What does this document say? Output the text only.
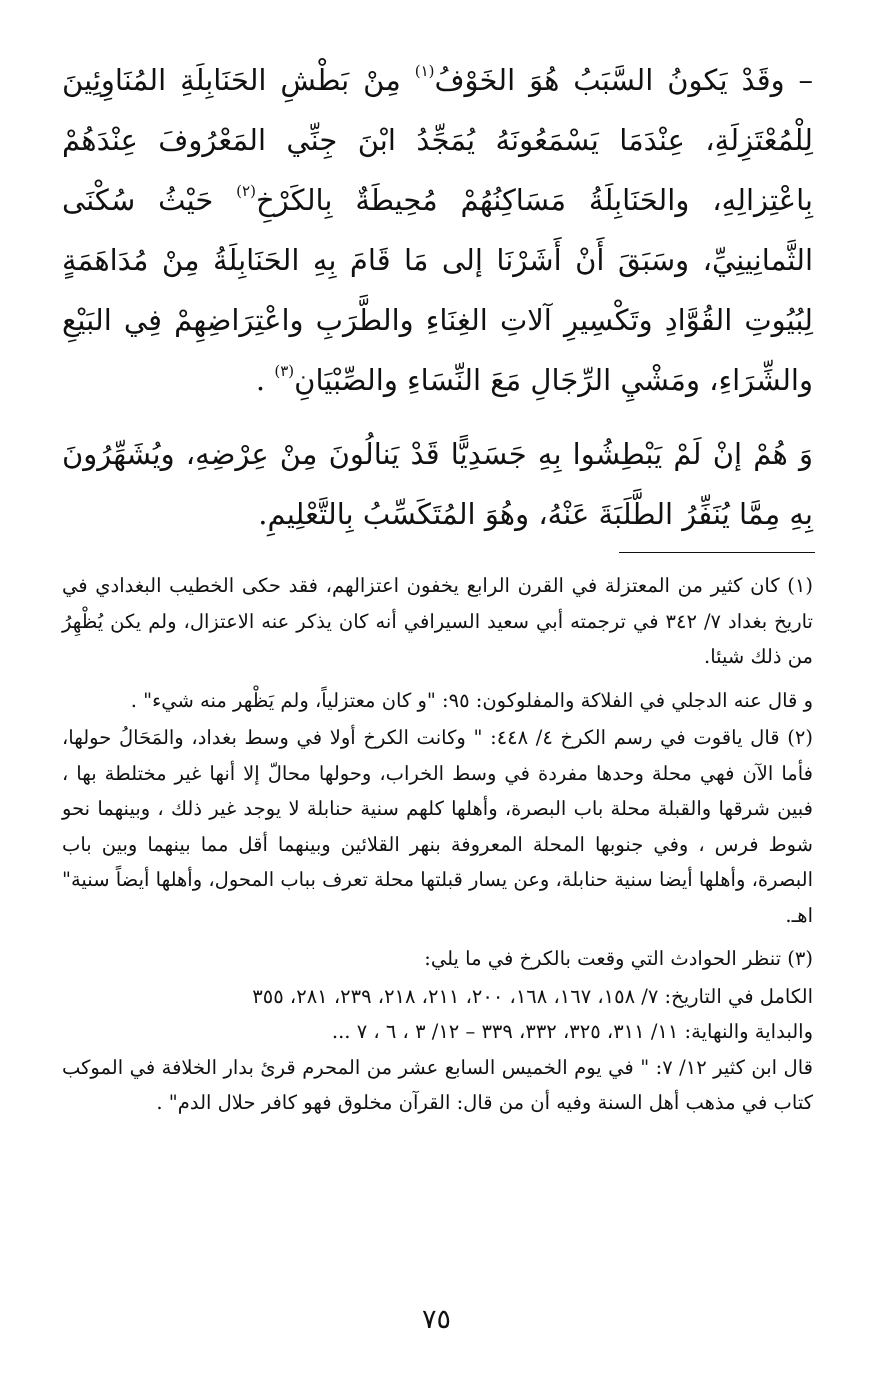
– وقَدْ يَكونُ السَّبَبُ هُوَ الخَوْفُ$^{(١)}$ مِنْ بَطْشِ الحَنَابِلَةِ المُنَاوِئِينَ لِلْمُعْتَزِلَةِ، عِنْدَمَا يَسْمَعُونَهُ يُمَجِّدُ ابْنَ جِنِّي المَعْرُوفَ عِنْدَهُمْ بِاعْتِزالِهِ، والحَنَابِلَةُ مَسَاكِنُهُمْ مُحِيطَةٌ بِالكَرْخِ$^{(٢)}$ حَيْثُ سُكْنَى الثَّمانِينِيِّ، وسَبَقَ أَنْ أَشَرْنَا إلى مَا قَامَ بِهِ الحَنَابِلَةُ مِنْ مُدَاهَمَةٍ لِبُيُوتِ القُوَّادِ وتَكْسِيرِ آلاتِ الغِنَاءِ والطَّرَبِ واعْتِرَاضِهِمْ فِي البَيْعِ والشِّرَاءِ، ومَشْيِ الرِّجَالِ مَعَ النِّسَاءِ والصِّبْيَانِ$^{(٣)}$ .

وَ هُمْ إنْ لَمْ يَبْطِشُوا بِهِ جَسَدِيًّا قَدْ يَنالُونَ مِنْ عِرْضِهِ، ويُشَهِّرُونَ بِهِ مِمَّا يُنَفِّرُ الطَّلَبَةَ عَنْهُ، وهُوَ المُتَكَسِّبُ بِالتَّعْلِيمِ.

(١) كان كثير من المعتزلة في القرن الرابع يخفون اعتزالهم، فقد حكى الخطيب البغدادي في تاريخ بغداد ٧/ ٣٤٢ في ترجمته أبي سعيد السيرافي أنه كان يذكر عنه الاعتزال، ولم يكن يُظْهِرُ من ذلك شيئا.

و قال عنه الدجلي في الفلاكة والمفلوكون: ٩٥: "و كان معتزلياً، ولم يَظْهر منه شيء" .

(٢) قال ياقوت في رسم الكرخ ٤/ ٤٤٨: " وكانت الكرخ أولا في وسط بغداد، والمَحَالُ حولها، فأما الآن فهي محلة وحدها مفردة في وسط الخراب، وحولها محالّ إلا أنها غير مختلطة بها ، فبين شرقها والقبلة محلة باب البصرة، وأهلها كلهم سنية حنابلة لا يوجد غير ذلك ، وبينهما نحو شوط فرس ، وفي جنوبها المحلة المعروفة بنهر القلائين وبينهما أقل مما بينهما وبين باب البصرة، وأهلها أيضا سنية حنابلة، وعن يسار قبلتها محلة تعرف بباب المحول، وأهلها أيضاً سنية" اهـ.

(٣) تنظر الحوادث التي وقعت بالكرخ في ما يلي:

الكامل في التاريخ: ٧/ ١٥٨، ١٦٧، ١٦٨، ٢٠٠، ٢١١، ٢١٨، ٢٣٩، ٢٨١، ٣٥٥

والبداية والنهاية: ١١/ ٣١١، ٣٢٥، ٣٣٢، ٣٣٩ – ١٢/ ٣ ، ٦ ، ٧ ...

قال ابن كثير ١٢/ ٧: " في يوم الخميس السابع عشر من المحرم قرئ بدار الخلافة في الموكب كتاب في مذهب أهل السنة وفيه أن من قال: القرآن مخلوق فهو كافر حلال الدم" .

٧٥
